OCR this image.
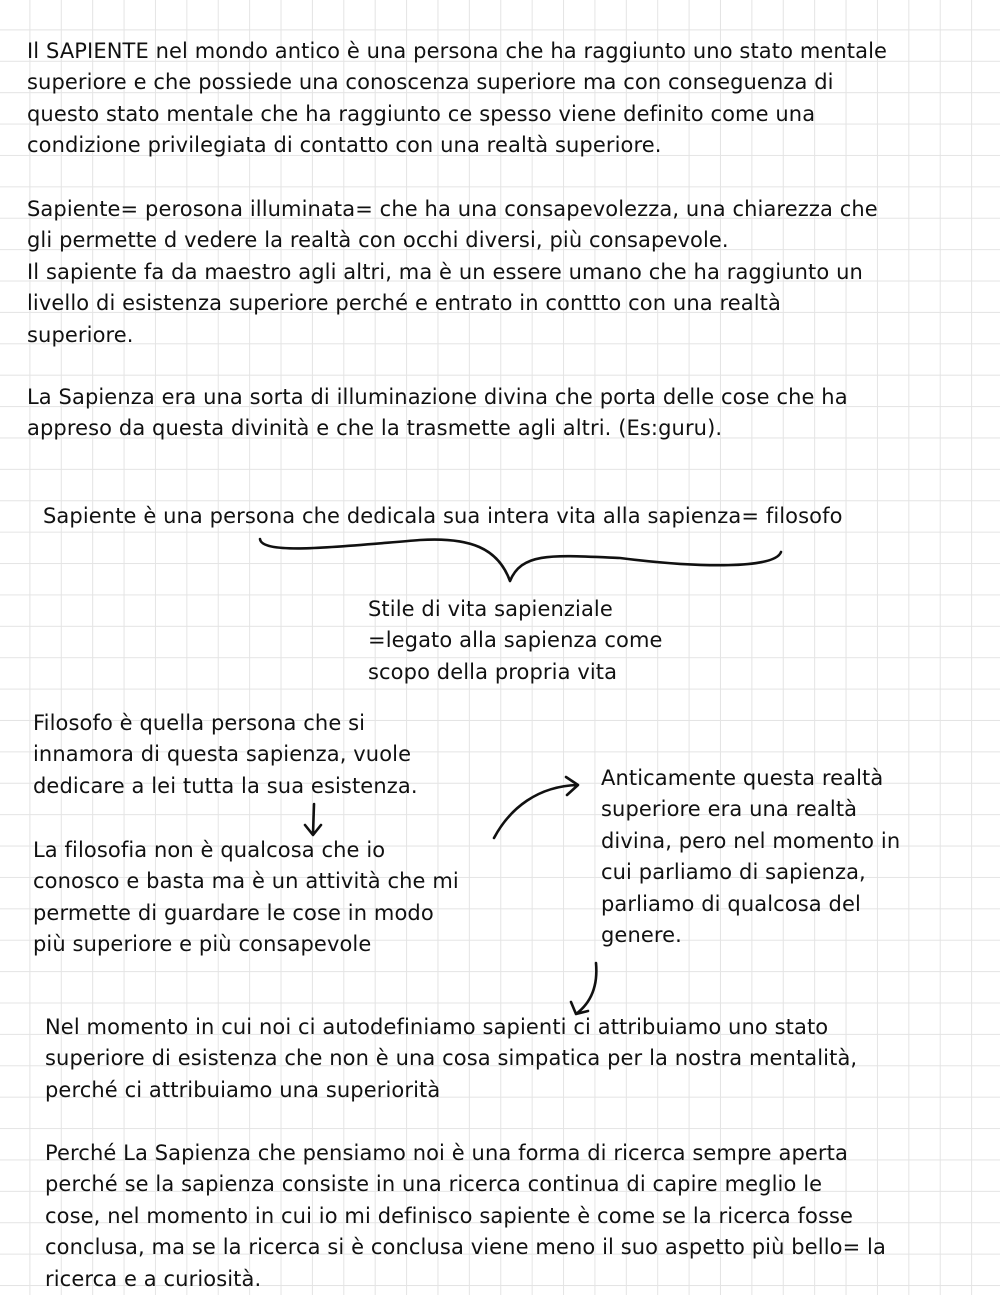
Il SAPIENTE nel mondo antico è una persona che ha raggiunto uno stato mentale
superiore e che possiede una conoscenza superiore ma con conseguenza di
questo stato mentale che ha raggiunto ce spesso viene definito come una
condizione privilegiata di contatto con una realtà superiore.
Sapiente= perosona illuminata= che ha una consapevolezza, una chiarezza che
gli permette d vedere la realtà con occhi diversi, più consapevole.
Il sapiente fa da maestro agli altri, ma è un essere umano che ha raggiunto un
livello di esistenza superiore perché e entrato in conttto con una realtà
superiore.
La Sapienza era una sorta di illuminazione divina che porta delle cose che ha
appreso da questa divinità e che la trasmette agli altri. (Es:guru).
Sapiente è una persona che dedicala sua intera vita alla sapienza= filosofo
Stile di vita sapienziale
=legato alla sapienza come
scopo della propria vita
Filosofo è quella persona che si
innamora di questa sapienza, vuole
dedicare a lei tutta la sua esistenza.
La filosofia non è qualcosa che io
conosco e basta ma è un attività che mi
permette di guardare le cose in modo
più superiore e più consapevole
Anticamente questa realtà
superiore era una realtà
divina, pero nel momento in
cui parliamo di sapienza,
parliamo di qualcosa del
genere.
Nel momento in cui noi ci autodefiniamo sapienti ci attribuiamo uno stato
superiore di esistenza che non è una cosa simpatica per la nostra mentalità,
perché ci attribuiamo una superiorità
Perché La Sapienza che pensiamo noi è una forma di ricerca sempre aperta
perché se la sapienza consiste in una ricerca continua di capire meglio le
cose, nel momento in cui io mi definisco sapiente è come se la ricerca fosse
conclusa, ma se la ricerca si è conclusa viene meno il suo aspetto più bello= la
ricerca e a curiosità.
